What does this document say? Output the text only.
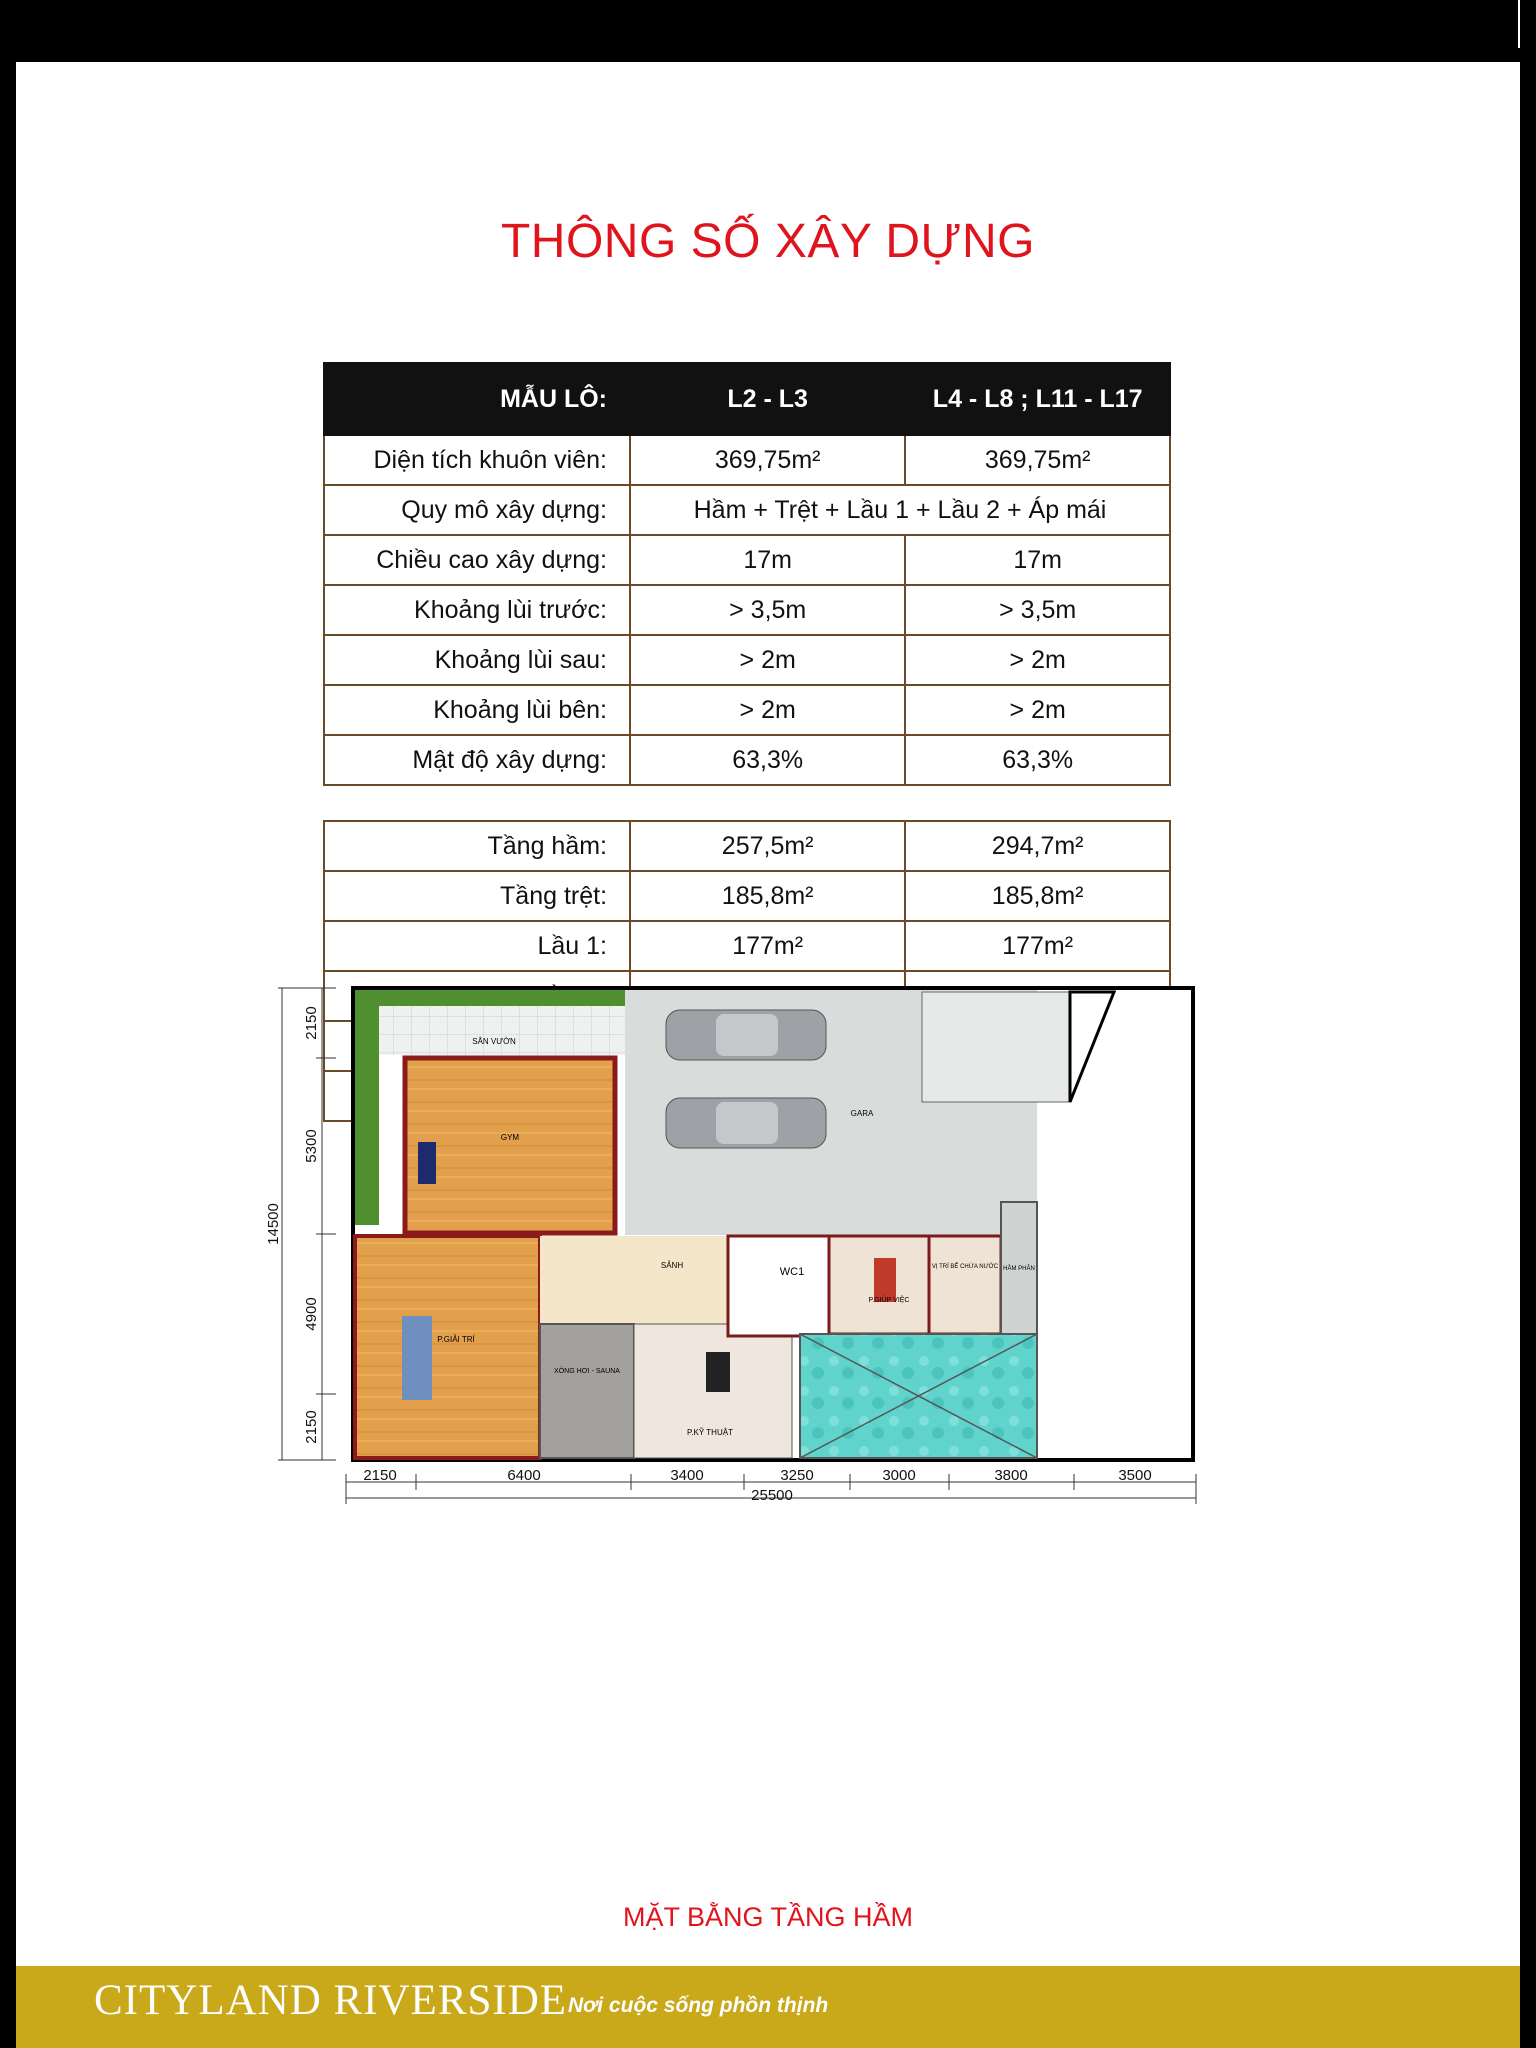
THÔNG SỐ XÂY DỰNG
MẪU LÔ:	L2 - L3	L4 - L8 ; L11 - L17
Diện tích khuôn viên:	369,75m²	369,75m²
Quy mô xây dựng:	Hầm + Trệt + Lầu 1 + Lầu 2 + Áp mái	
Chiều cao xây dựng:	17m	17m
Khoảng lùi trước:	> 3,5m	> 3,5m
Khoảng lùi sau:	> 2m	> 2m
Khoảng lùi bên:	> 2m	> 2m
Mật độ xây dựng:	63,3%	63,3%
Tầng hầm:	257,5m²	294,7m²
Tầng trệt:	185,8m²	185,8m²
Lầu 1:	177m²	177m²

SÂN VƯỜN
GYM
GARA
SẢNH
WC1
P.GIÚP VIỆC
VỊ TRÍ BỂ CHỨA NƯỚC HẦM PHÂN
P.GIẢI TRÍ
XÔNG HƠI - SAUNA
P.KỸ THUẬT
2150	6400	3400	3250	3000	3800	3500
25500
2150
5300
4900
2150
14500
MẶT BẰNG TẦNG HẦM
CITYLAND RIVERSIDE Nơi cuộc sống phồn thịnh
